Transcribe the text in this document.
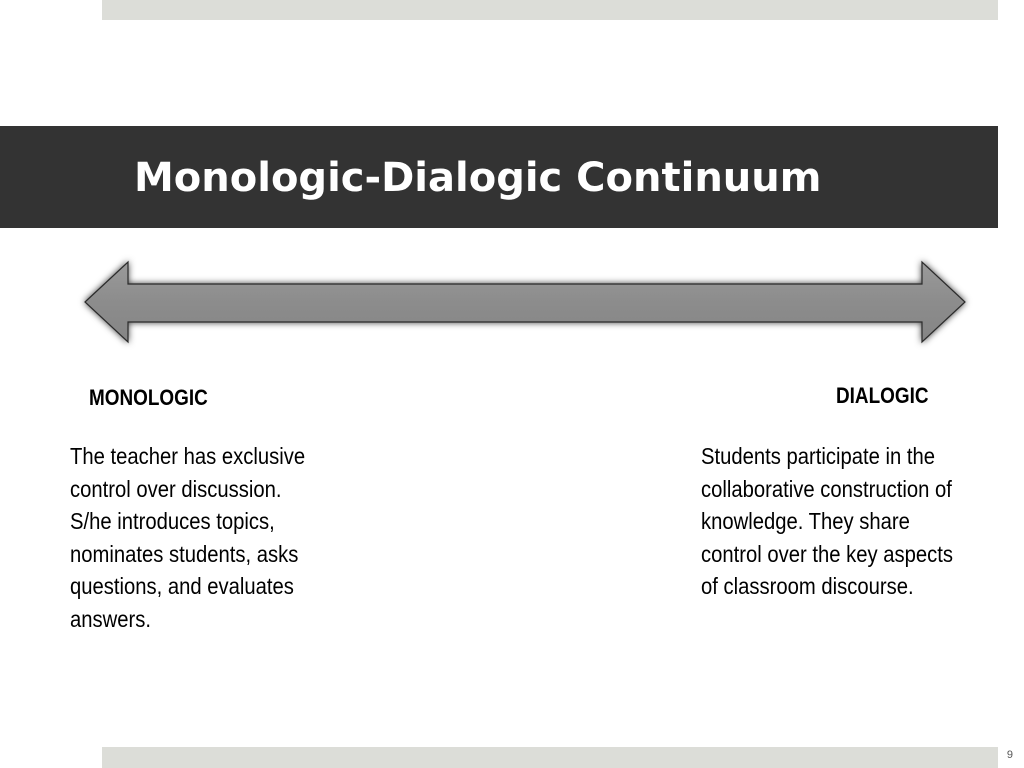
Monologic-Dialogic Continuum

MONOLOGIC	DIALOGIC

The teacher has exclusive
control over discussion.
S/he introduces topics,
nominates students, asks
questions, and evaluates
answers.
Students participate in the
collaborative construction of
knowledge. They share
control over the key aspects
of classroom discourse.
9
